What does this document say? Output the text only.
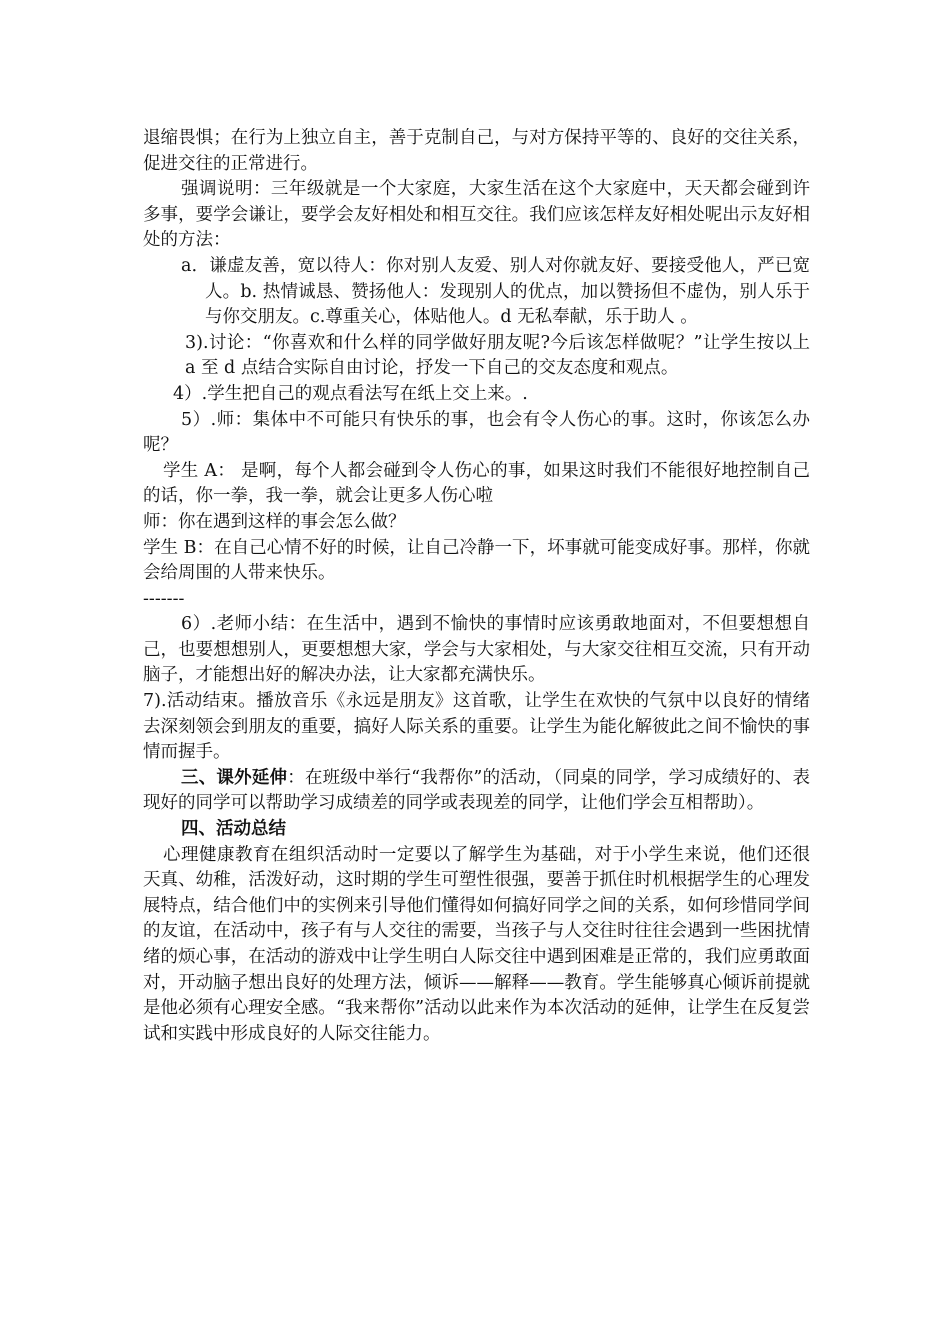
退缩畏惧；在行为上独立自主，善于克制自己，与对方保持平等的、良好的交往关系，促进交往的正常进行。

强调说明：三年级就是一个大家庭，大家生活在这个大家庭中，天天都会碰到许多事，要学会谦让，要学会友好相处和相互交往。我们应该怎样友好相处呢出示友好相处的方法：

a．谦虚友善，宽以待人：你对别人友爱、别人对你就友好、要接受他人，严已宽人。b. 热情诚恳、赞扬他人：发现别人的优点，加以赞扬但不虚伪，别人乐于与你交朋友。c.尊重关心，体贴他人。d 无私奉献，乐于助人 。

3).讨论：“你喜欢和什么样的同学做好朋友呢?今后该怎样做呢？”让学生按以上 a 至 d 点结合实际自由讨论，抒发一下自己的交友态度和观点。

4）.学生把自己的观点看法写在纸上交上来。.

5）.师：集体中不可能只有快乐的事，也会有令人伤心的事。这时，你该怎么办呢？

学生 A： 是啊，每个人都会碰到令人伤心的事，如果这时我们不能很好地控制自己的话，你一拳，我一拳，就会让更多人伤心啦

师：你在遇到这样的事会怎么做？

学生 B：在自己心情不好的时候，让自己冷静一下，坏事就可能变成好事。那样，你就会给周围的人带来快乐。

-------

6）.老师小结：在生活中，遇到不愉快的事情时应该勇敢地面对，不但要想想自己，也要想想别人，更要想想大家，学会与大家相处，与大家交往相互交流，只有开动脑子，才能想出好的解决办法，让大家都充满快乐。

7).活动结束。播放音乐《永远是朋友》这首歌，让学生在欢快的气氛中以良好的情绪去深刻领会到朋友的重要，搞好人际关系的重要。让学生为能化解彼此之间不愉快的事情而握手。

三、课外延伸：在班级中举行“我帮你”的活动，（同桌的同学，学习成绩好的、表现好的同学可以帮助学习成绩差的同学或表现差的同学，让他们学会互相帮助）。

四、活动总结

心理健康教育在组织活动时一定要以了解学生为基础，对于小学生来说，他们还很天真、幼稚，活泼好动，这时期的学生可塑性很强，要善于抓住时机根据学生的心理发展特点，结合他们中的实例来引导他们懂得如何搞好同学之间的关系，如何珍惜同学间的友谊，在活动中，孩子有与人交往的需要，当孩子与人交往时往往会遇到一些困扰情绪的烦心事，在活动的游戏中让学生明白人际交往中遇到困难是正常的，我们应勇敢面对，开动脑子想出良好的处理方法，倾诉——解释——教育。学生能够真心倾诉前提就是他必须有心理安全感。“我来帮你”活动以此来作为本次活动的延伸，让学生在反复尝试和实践中形成良好的人际交往能力。
